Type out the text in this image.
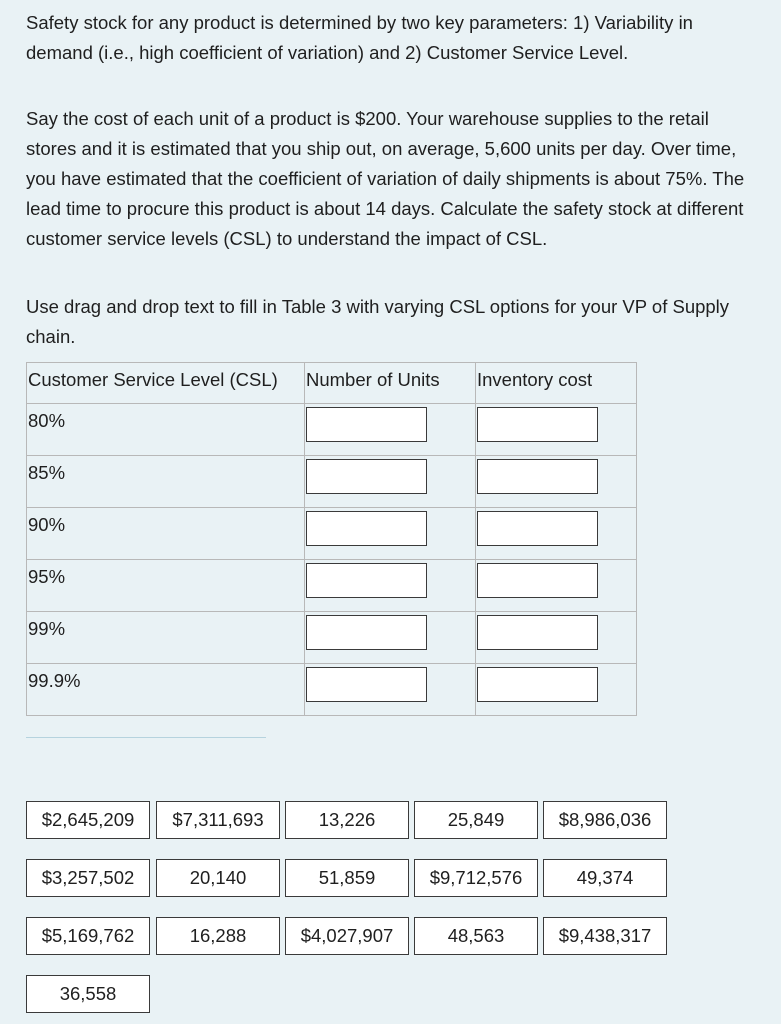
Safety stock for any product is determined by two key parameters: 1) Variability in demand (i.e., high coefficient of variation) and 2) Customer Service Level.

Say the cost of each unit of a product is $200. Your warehouse supplies to the retail stores and it is estimated that you ship out, on average, 5,600 units per day. Over time, you have estimated that the coefficient of variation of daily shipments is about 75%. The lead time to procure this product is about 14 days. Calculate the safety stock at different customer service levels (CSL) to understand the impact of CSL.

Use drag and drop text to fill in Table 3 with varying CSL options for your VP of Supply chain.

Customer Service Level (CSL)	Number of Units	Inventory cost

80%		

85%		

90%		

95%		

99%		

99.9%		

$2,645,209	$7,311,693	13,226	25,849	$8,986,036
$3,257,502	20,140	51,859	$9,712,576	49,374
$5,169,762	16,288	$4,027,907	48,563	$9,438,317
36,558
